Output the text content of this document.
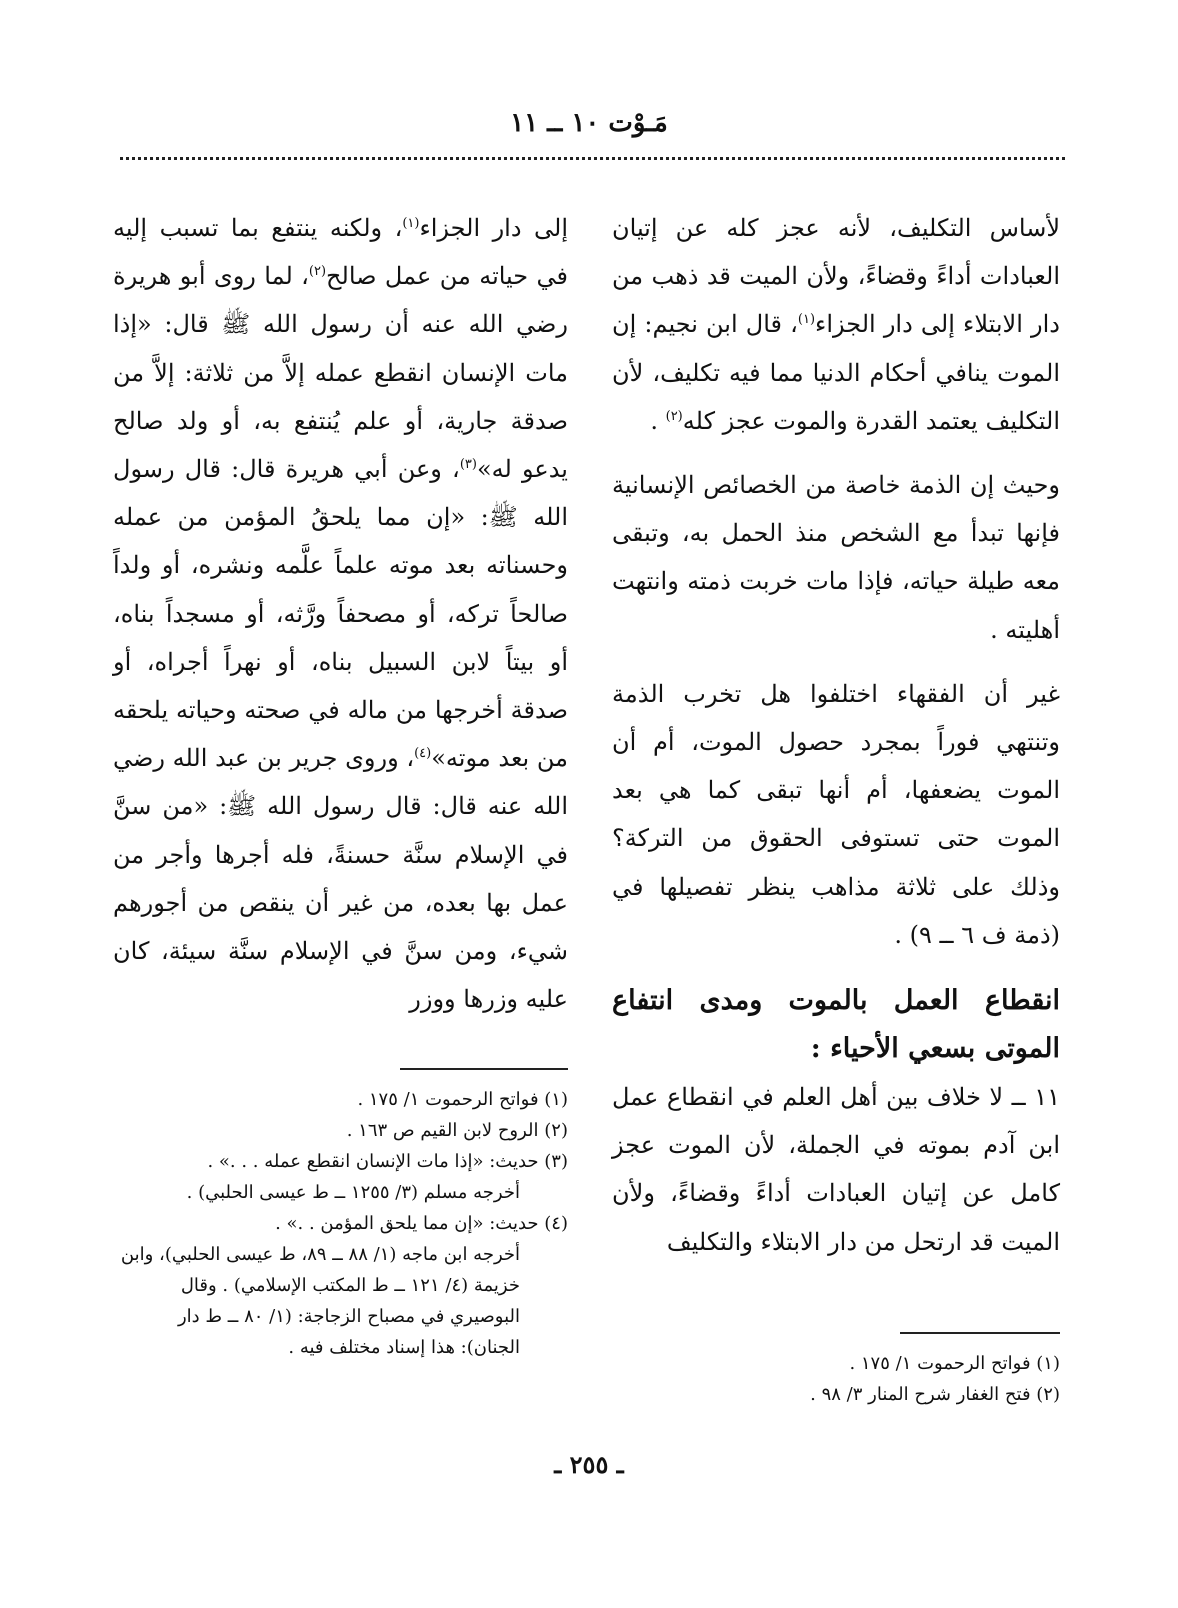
مَـوْت ١٠ ــ ١١

لأساس التكليف، لأنه عجز كله عن إتيان العبادات أداءً وقضاءً، ولأن الميت قد ذهب من دار الابتلاء إلى دار الجزاء$^{(١)}$، قال ابن نجيم: إن الموت ينافي أحكام الدنيا مما فيه تكليف، لأن التكليف يعتمد القدرة والموت عجز كله$^{(٢)}$ .

وحيث إن الذمة خاصة من الخصائص الإنسانية فإنها تبدأ مع الشخص منذ الحمل به، وتبقى معه طيلة حياته، فإذا مات خربت ذمته وانتهت أهليته .

غير أن الفقهاء اختلفوا هل تخرب الذمة وتنتهي فوراً بمجرد حصول الموت، أم أن الموت يضعفها، أم أنها تبقى كما هي بعد الموت حتى تستوفى الحقوق من التركة؟ وذلك على ثلاثة مذاهب ينظر تفصيلها في (ذمة ف ٦ ــ ٩) .

انقطاع العمل بالموت ومدى انتفاع الموتى بسعي الأحياء :

١١ ــ لا خلاف بين أهل العلم في انقطاع عمل ابن آدم بموته في الجملة، لأن الموت عجز كامل عن إتيان العبادات أداءً وقضاءً، ولأن الميت قد ارتحل من دار الابتلاء والتكليف

إلى دار الجزاء$^{(١)}$، ولكنه ينتفع بما تسبب إليه في حياته من عمل صالح$^{(٢)}$، لما روى أبو هريرة رضي الله عنه أن رسول الله ﷺ قال: «إذا مات الإنسان انقطع عمله إلاَّ من ثلاثة: إلاَّ من صدقة جارية، أو علم يُنتفع به، أو ولد صالح يدعو له»$^{(٣)}$، وعن أبي هريرة قال: قال رسول الله ﷺ: «إن مما يلحقُ المؤمن من عمله وحسناته بعد موته علماً علَّمه ونشره، أو ولداً صالحاً تركه، أو مصحفاً ورَّثه، أو مسجداً بناه، أو بيتاً لابن السبيل بناه، أو نهراً أجراه، أو صدقة أخرجها من ماله في صحته وحياته يلحقه من بعد موته»$^{(٤)}$، وروى جرير بن عبد الله رضي الله عنه قال: قال رسول الله ﷺ: «من سنَّ في الإسلام سنَّة حسنةً، فله أجرها وأجر من عمل بها بعده، من غير أن ينقص من أجورهم شيء، ومن سنَّ في الإسلام سنَّة سيئة، كان عليه وزرها ووزر

(١) فواتح الرحموت ١/ ١٧٥ .

(٢) الروح لابن القيم ص ١٦٣ .

(٣) حديث: «إذا مات الإنسان انقطع عمله . . .» .

أخرجه مسلم (٣/ ١٢٥٥ ــ ط عيسى الحلبي) .

(٤) حديث: «إن مما يلحق المؤمن . .» .

أخرجه ابن ماجه (١/ ٨٨ ــ ٨٩، ط عيسى الحلبي)، وابن خزيمة (٤/ ١٢١ ــ ط المكتب الإسلامي) . وقال البوصيري في مصباح الزجاجة: (١/ ٨٠ ــ ط دار الجنان): هذا إسناد مختلف فيه .

(١) فواتح الرحموت ١/ ١٧٥ .

(٢) فتح الغفار شرح المنار ٣/ ٩٨ .

ـ ٢٥٥ ـ
